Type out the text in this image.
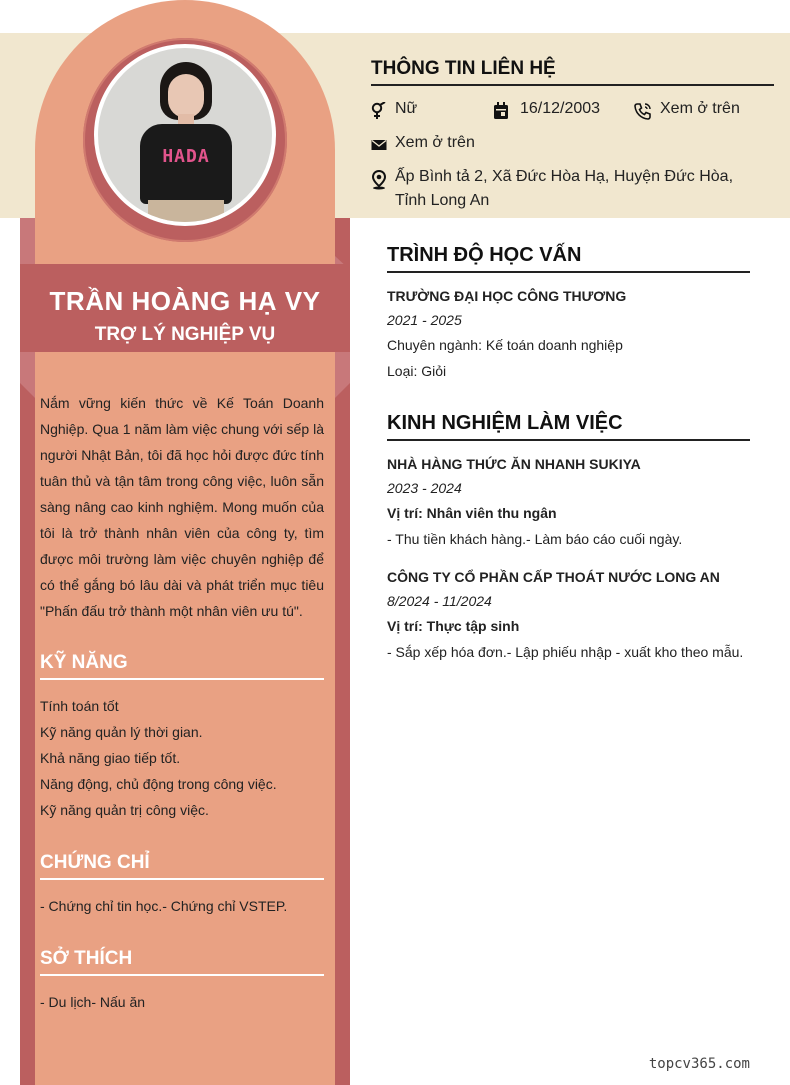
HADA
TRẦN HOÀNG HẠ VY
TRỢ LÝ NGHIỆP VỤ
Nắm vững kiến thức về Kế Toán Doanh Nghiệp. Qua 1 năm làm việc chung với sếp là người Nhật Bản, tôi đã học hỏi được đức tính tuân thủ và tận tâm trong công việc, luôn sẵn sàng nâng cao kinh nghiệm. Mong muốn của tôi là trở thành nhân viên của công ty, tìm được môi trường làm việc chuyên nghiệp để có thể gắng bó lâu dài và phát triển mục tiêu "Phấn đấu trở thành một nhân viên ưu tú".
KỸ NĂNG
Tính toán tốt
Kỹ năng quản lý thời gian.
Khả năng giao tiếp tốt.
Năng động, chủ động trong công việc.
Kỹ năng quản trị công việc.
CHỨNG CHỈ
- Chứng chỉ tin học.- Chứng chỉ VSTEP.
SỞ THÍCH
- Du lịch- Nấu ăn
THÔNG TIN LIÊN HỆ
Nữ	16/12/2003	Xem ở trên
Xem ở trên
Ấp Bình tả 2, Xã Đức Hòa Hạ, Huyện Đức Hòa, Tỉnh Long An
TRÌNH ĐỘ HỌC VẤN
TRƯỜNG ĐẠI HỌC CÔNG THƯƠNG
2021 - 2025
Chuyên ngành: Kế toán doanh nghiệp
Loại: Giỏi
KINH NGHIỆM LÀM VIỆC
NHÀ HÀNG THỨC ĂN NHANH SUKIYA
2023 - 2024
Vị trí: Nhân viên thu ngân
- Thu tiền khách hàng.- Làm báo cáo cuối ngày.
CÔNG TY CỔ PHẦN CẤP THOÁT NƯỚC LONG AN
8/2024 - 11/2024
Vị trí: Thực tập sinh
- Sắp xếp hóa đơn.- Lập phiếu nhập - xuất kho theo mẫu.
topcv365.com
